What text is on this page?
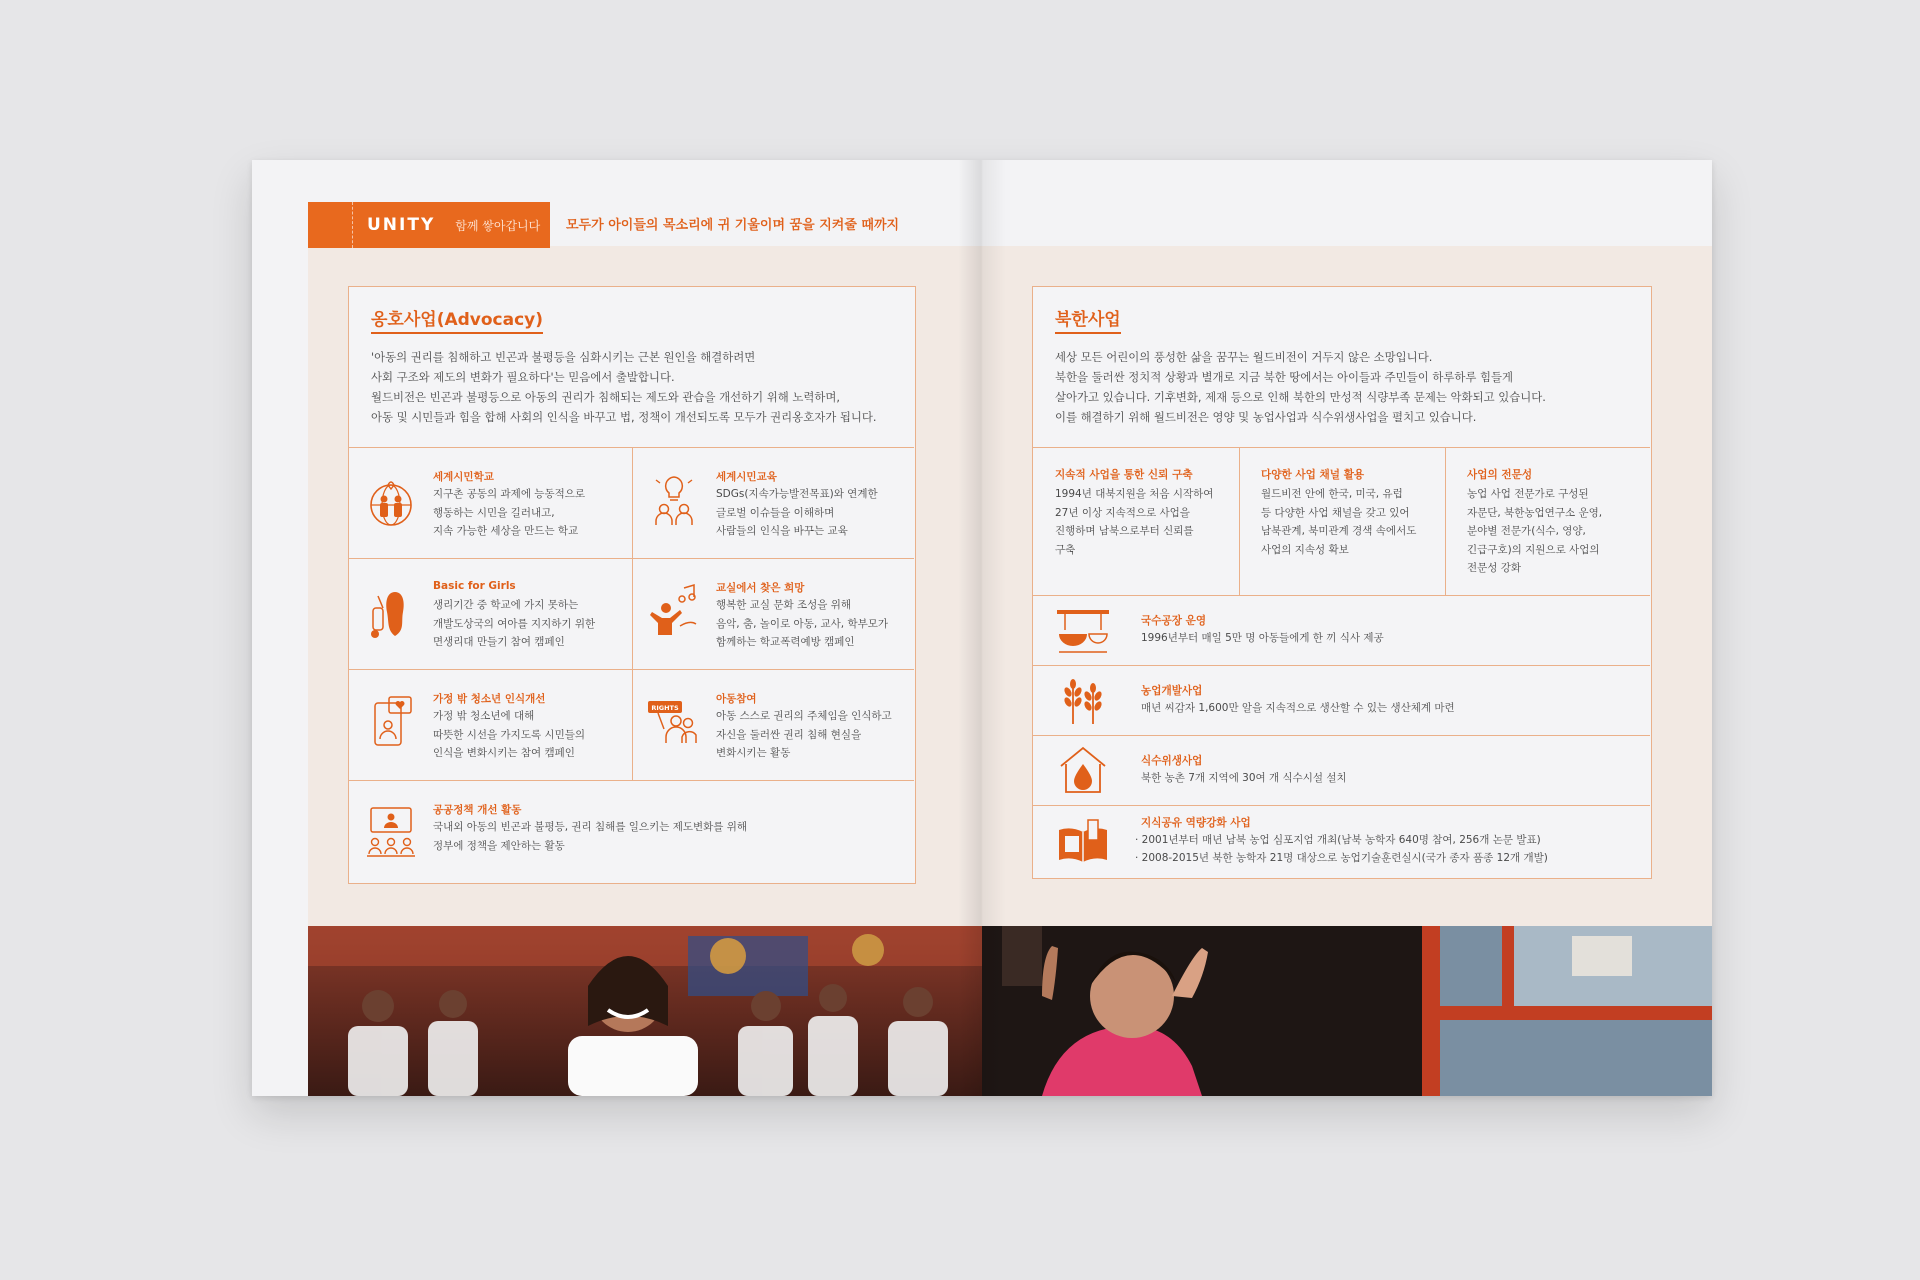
UNITY 함께 쌓아갑니다 모두가 아이들의 목소리에 귀 기울이며 꿈을 지켜줄 때까지
옹호사업(Advocacy)
'아동의 권리를 침해하고 빈곤과 불평등을 심화시키는 근본 원인을 해결하려면
사회 구조와 제도의 변화가 필요하다'는 믿음에서 출발합니다.
월드비전은 빈곤과 불평등으로 아동의 권리가 침해되는 제도와 관습을 개선하기 위해 노력하며,
아동 및 시민들과 힘을 합해 사회의 인식을 바꾸고 법, 정책이 개선되도록 모두가 권리옹호자가 됩니다.
세계시민학교
지구촌 공동의 과제에 능동적으로
행동하는 시민을 길러내고,
지속 가능한 세상을 만드는 학교
세계시민교육
SDGs(지속가능발전목표)와 연계한
글로벌 이슈들을 이해하며
사람들의 인식을 바꾸는 교육
Basic for Girls
생리기간 중 학교에 가지 못하는
개발도상국의 여아를 지지하기 위한
면생리대 만들기 참여 캠페인
교실에서 찾은 희망
행복한 교실 문화 조성을 위해
음악, 춤, 놀이로 아동, 교사, 학부모가
함께하는 학교폭력예방 캠페인
가정 밖 청소년 인식개선
가정 밖 청소년에 대해
따뜻한 시선을 가지도록 시민들의
인식을 변화시키는 참여 캠페인
RIGHTS
아동참여
아동 스스로 권리의 주체임을 인식하고
자신을 둘러싼 권리 침해 현실을
변화시키는 활동
공공정책 개선 활동
국내외 아동의 빈곤과 불평등, 권리 침해를 일으키는 제도변화를 위해
정부에 정책을 제안하는 활동
북한사업
세상 모든 어린이의 풍성한 삶을 꿈꾸는 월드비전이 거두지 않은 소망입니다.
북한을 둘러싼 정치적 상황과 별개로 지금 북한 땅에서는 아이들과 주민들이 하루하루 힘들게
살아가고 있습니다. 기후변화, 제재 등으로 인해 북한의 만성적 식량부족 문제는 악화되고 있습니다.
이를 해결하기 위해 월드비전은 영양 및 농업사업과 식수위생사업을 펼치고 있습니다.
지속적 사업을 통한 신뢰 구축
1994년 대북지원을 처음 시작하여
27년 이상 지속적으로 사업을
진행하며 남북으로부터 신뢰를
구축
다양한 사업 채널 활용
월드비전 안에 한국, 미국, 유럽
등 다양한 사업 채널을 갖고 있어
남북관계, 북미관계 경색 속에서도
사업의 지속성 확보
사업의 전문성
농업 사업 전문가로 구성된
자문단, 북한농업연구소 운영,
분야별 전문가(식수, 영양,
긴급구호)의 지원으로 사업의
전문성 강화
국수공장 운영
1996년부터 매일 5만 명 아동들에게 한 끼 식사 제공
농업개발사업
매년 씨감자 1,600만 알을 지속적으로 생산할 수 있는 생산체계 마련
식수위생사업
북한 농촌 7개 지역에 30여 개 식수시설 설치
지식공유 역량강화 사업
· 2001년부터 매년 남북 농업 심포지엄 개최(남북 농학자 640명 참여, 256개 논문 발표)
· 2008-2015년 북한 농학자 21명 대상으로 농업기술훈련실시(국가 종자 품종 12개 개발)
